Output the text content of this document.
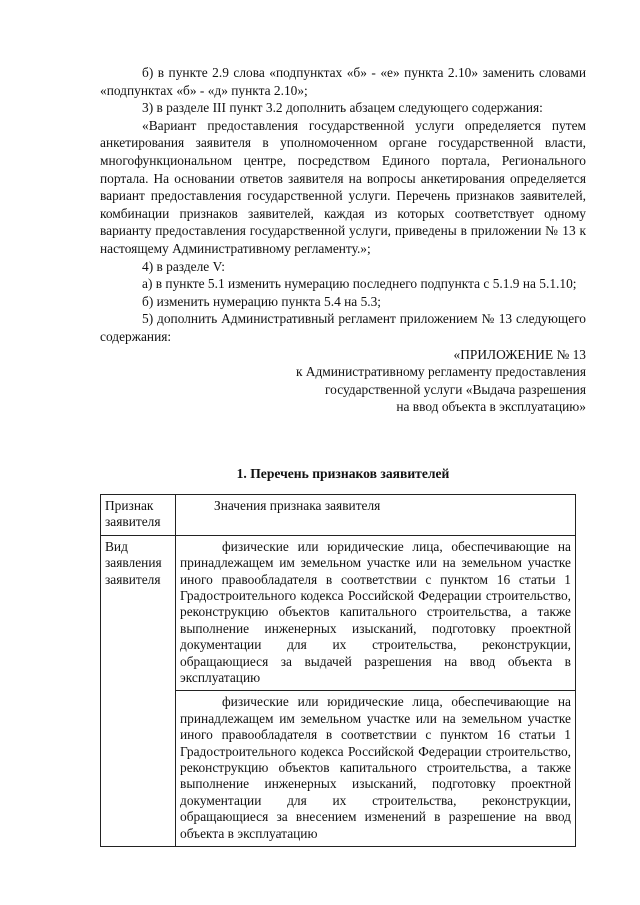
б) в пункте 2.9 слова «подпунктах «б» - «е» пункта 2.10» заменить словами «подпунктах «б» - «д» пункта 2.10»;

3) в разделе III пункт 3.2 дополнить абзацем следующего содержания:

«Вариант предоставления государственной услуги определяется путем анкетирования заявителя в уполномоченном органе государственной власти, многофункциональном центре, посредством Единого портала, Регионального портала. На основании ответов заявителя на вопросы анкетирования определяется вариант предоставления государственной услуги. Перечень признаков заявителей, комбинации признаков заявителей, каждая из которых соответствует одному варианту предоставления государственной услуги, приведены в приложении № 13 к настоящему Административному регламенту.»;

4) в разделе V:

а) в пункте 5.1 изменить нумерацию последнего подпункта с 5.1.9 на 5.1.10;

б) изменить нумерацию пункта 5.4 на 5.3;

5) дополнить Административный регламент приложением № 13 следующего содержания:

«ПРИЛОЖЕНИЕ № 13
к Административному регламенту предоставления
государственной услуги «Выдача разрешения
на ввод объекта в эксплуатацию»
1. Перечень признаков заявителей
Признак заявителя	Значения признака заявителя
Вид заявления заявителя	физические или юридические лица, обеспечивающие на принадлежащем им земельном участке или на земельном участке иного правообладателя в соответствии с пунктом 16 статьи 1 Градостроительного кодекса Российской Федерации строительство, реконструкцию объектов капитального строительства, а также выполнение инженерных изысканий, подготовку проектной документации для их строительства, реконструкции, обращающиеся за выдачей разрешения на ввод объекта в эксплуатацию

	физические или юридические лица, обеспечивающие на принадлежащем им земельном участке или на земельном участке иного правообладателя в соответствии с пунктом 16 статьи 1 Градостроительного кодекса Российской Федерации строительство, реконструкцию объектов капитального строительства, а также выполнение инженерных изысканий, подготовку проектной документации для их строительства, реконструкции, обращающиеся за внесением изменений в разрешение на ввод объекта в эксплуатацию
